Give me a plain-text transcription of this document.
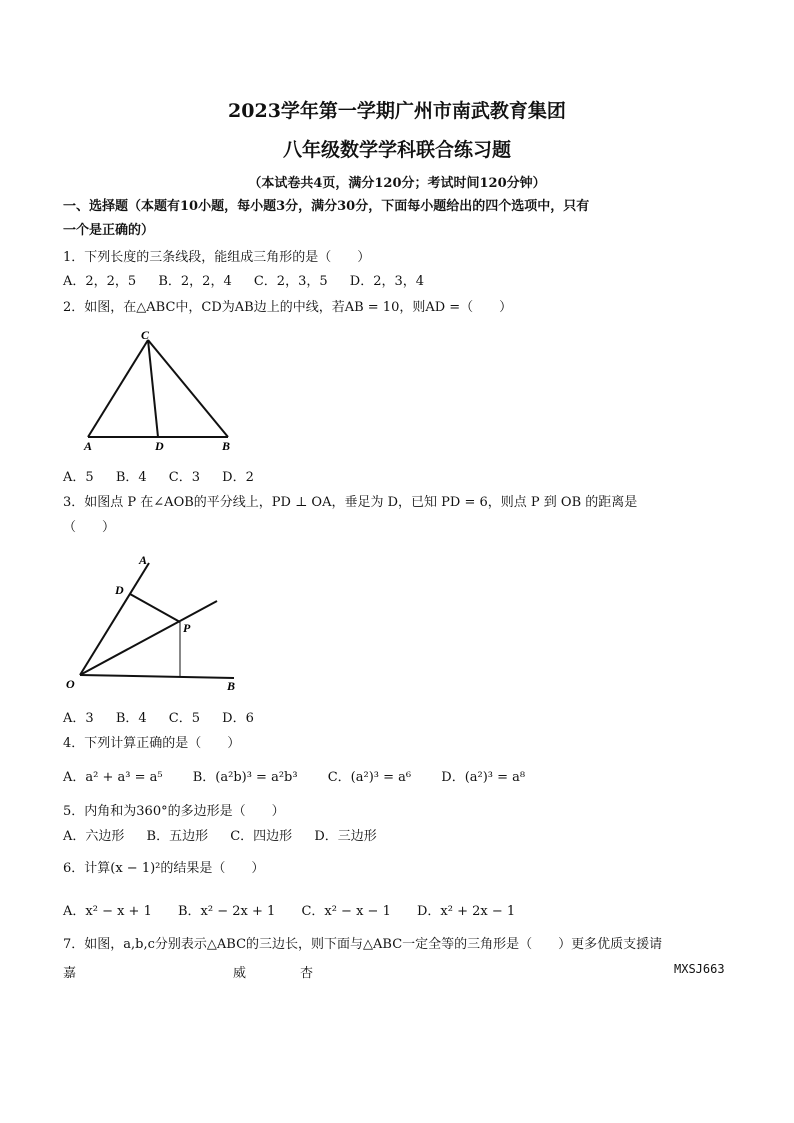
2023学年第一学期广州市南武教育集团
八年级数学学科联合练习题
（本试卷共4页，满分120分；考试时间120分钟）
一、选择题（本题有10小题，每小题3分，满分30分，下面每小题给出的四个选项中，只有
一个是正确的）
1．下列长度的三条线段，能组成三角形的是（　　）
A．2，2，5 B．2，2，4 C．2，3，5 D．2，3，4
2．如图，在△ABC中，CD为AB边上的中线，若AB = 10，则AD =（　　）
C
A	D	B
A．5 B．4 C．3 D．2
3．如图点 P 在∠AOB的平分线上，PD ⊥ OA，垂足为 D，已知 PD = 6，则点 P 到 OB 的距离是
（　　）
A
D
P
O	B
A．3 B．4 C．5 D．6
4．下列计算正确的是（　　）
A．a² + a³ = a⁵ B．(a²b)³ = a²b³ C．(a²)³ = a⁶ D．(a²)³ = a⁸
5．内角和为360°的多边形是（　　）
A．六边形 B．五边形 C．四边形 D．三边形
6．计算(x − 1)²的结果是（　　）
A．x² − x + 1 B．x² − 2x + 1 C．x² − x − 1 D．x² + 2x − 1
7．如图，a,b,c分别表示△ABC的三边长，则下面与△ABC一定全等的三角形是（　　）更多优质支援请
嘉	威	杏	MXSJ663
